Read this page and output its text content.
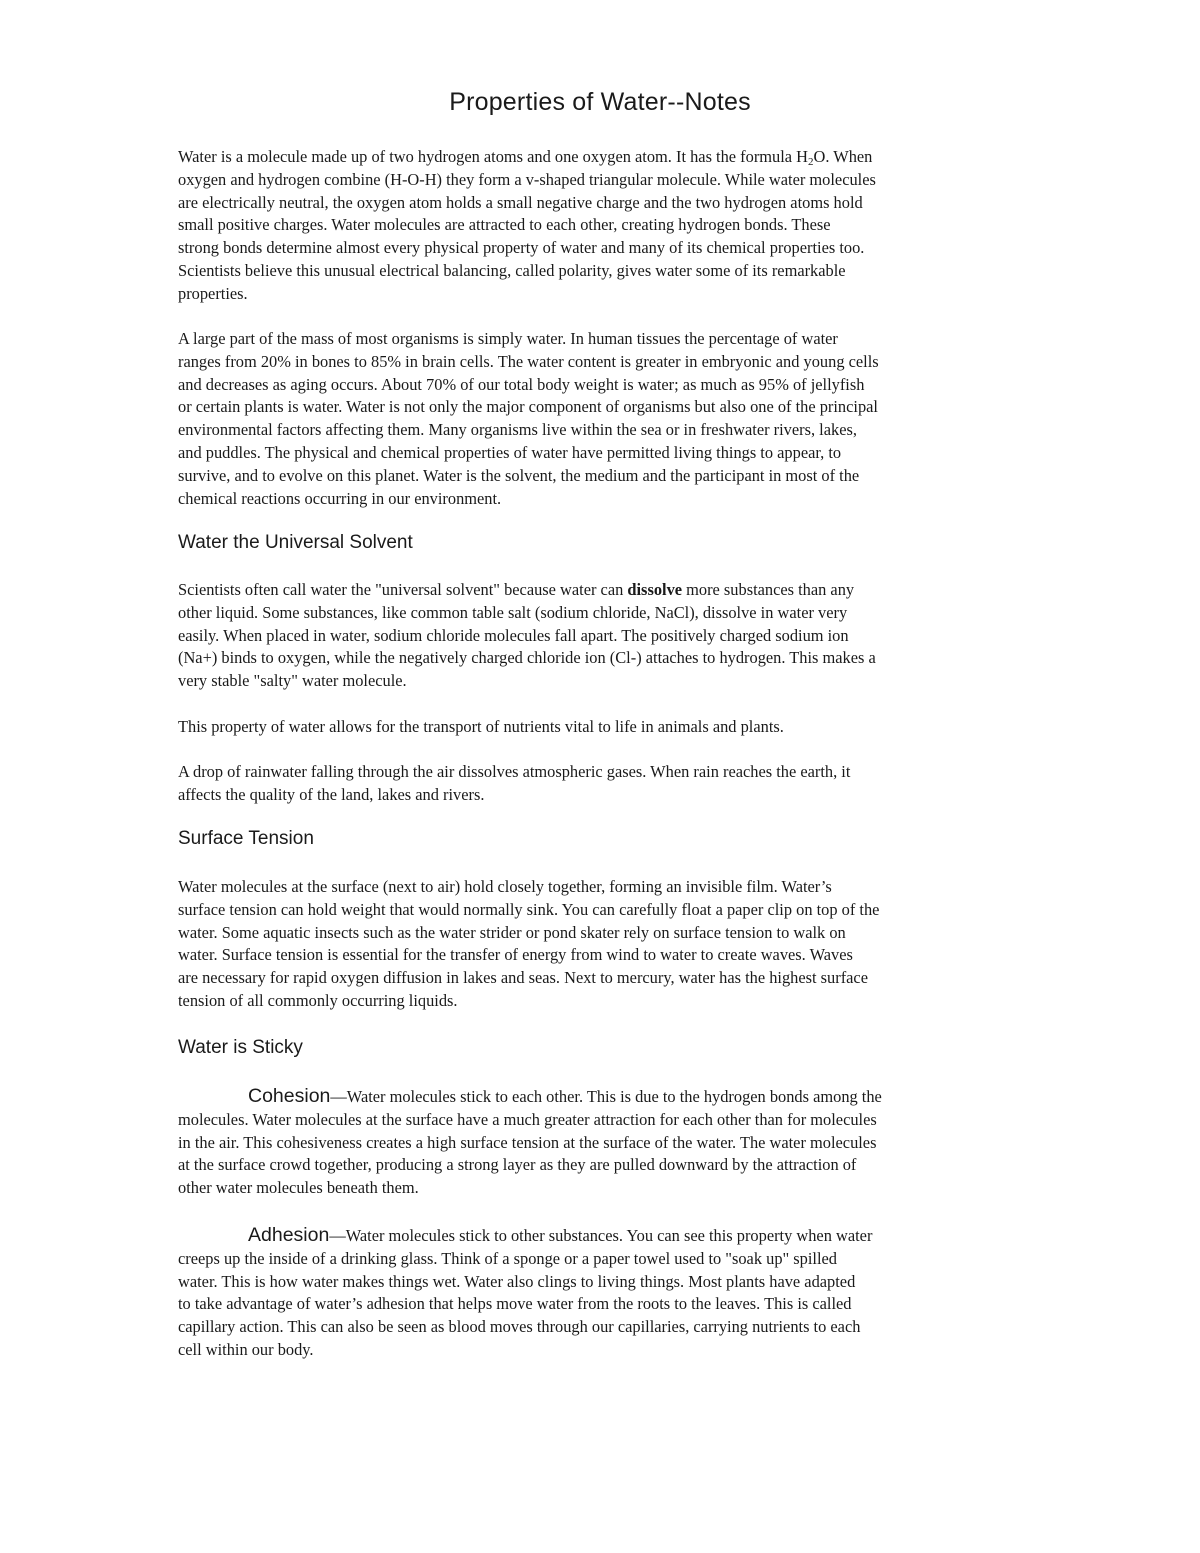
Properties of Water--Notes
Water is a molecule made up of two hydrogen atoms and one oxygen atom. It has the formula $H_2O$. When
oxygen and hydrogen combine (H-O-H) they form a v-shaped triangular molecule. While water molecules
are electrically neutral, the oxygen atom holds a small negative charge and the two hydrogen atoms hold
small positive charges. Water molecules are attracted to each other, creating hydrogen bonds. These
strong bonds determine almost every physical property of water and many of its chemical properties too.
Scientists believe this unusual electrical balancing, called polarity, gives water some of its remarkable
properties.
A large part of the mass of most organisms is simply water. In human tissues the percentage of water
ranges from 20% in bones to 85% in brain cells. The water content is greater in embryonic and young cells
and decreases as aging occurs. About 70% of our total body weight is water; as much as 95% of jellyfish
or certain plants is water. Water is not only the major component of organisms but also one of the principal
environmental factors affecting them. Many organisms live within the sea or in freshwater rivers, lakes,
and puddles. The physical and chemical properties of water have permitted living things to appear, to
survive, and to evolve on this planet. Water is the solvent, the medium and the participant in most of the
chemical reactions occurring in our environment.
Water the Universal Solvent
Scientists often call water the "universal solvent" because water can dissolve more substances than any
other liquid. Some substances, like common table salt (sodium chloride, NaCl), dissolve in water very
easily. When placed in water, sodium chloride molecules fall apart. The positively charged sodium ion
(Na+) binds to oxygen, while the negatively charged chloride ion (Cl-) attaches to hydrogen. This makes a
very stable "salty" water molecule.
This property of water allows for the transport of nutrients vital to life in animals and plants.
A drop of rainwater falling through the air dissolves atmospheric gases. When rain reaches the earth, it
affects the quality of the land, lakes and rivers.
Surface Tension
Water molecules at the surface (next to air) hold closely together, forming an invisible film. Water’s
surface tension can hold weight that would normally sink. You can carefully float a paper clip on top of the
water. Some aquatic insects such as the water strider or pond skater rely on surface tension to walk on
water. Surface tension is essential for the transfer of energy from wind to water to create waves. Waves
are necessary for rapid oxygen diffusion in lakes and seas. Next to mercury, water has the highest surface
tension of all commonly occurring liquids.
Water is Sticky
Cohesion—Water molecules stick to each other. This is due to the hydrogen bonds among the
molecules. Water molecules at the surface have a much greater attraction for each other than for molecules
in the air. This cohesiveness creates a high surface tension at the surface of the water. The water molecules
at the surface crowd together, producing a strong layer as they are pulled downward by the attraction of
other water molecules beneath them.
Adhesion—Water molecules stick to other substances. You can see this property when water
creeps up the inside of a drinking glass. Think of a sponge or a paper towel used to "soak up" spilled
water. This is how water makes things wet. Water also clings to living things. Most plants have adapted
to take advantage of water’s adhesion that helps move water from the roots to the leaves. This is called
capillary action. This can also be seen as blood moves through our capillaries, carrying nutrients to each
cell within our body.
